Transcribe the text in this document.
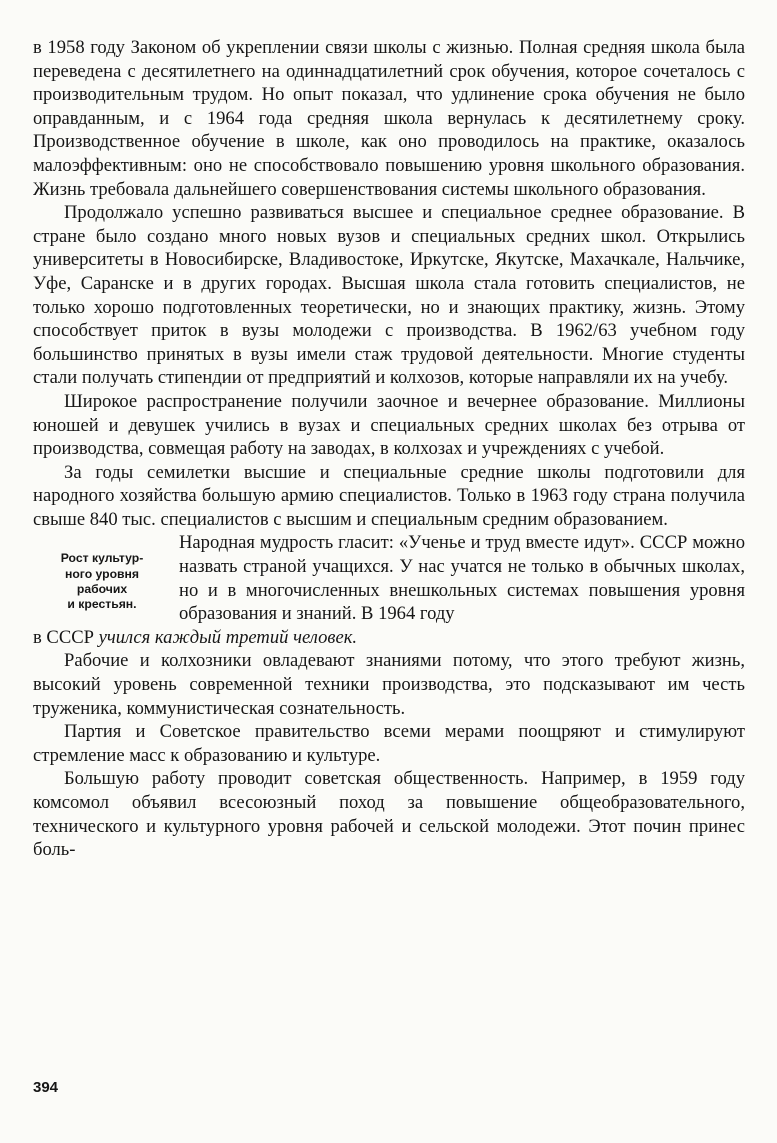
в 1958 году Законом об укреплении связи школы с жизнью. Полная средняя школа была переведена с десятилетнего на одиннадцатилетний срок обучения, которое сочеталось с производительным трудом. Но опыт показал, что удлинение срока обучения не было оправданным, и с 1964 года средняя школа вернулась к десятилетнему сроку. Производственное обучение в школе, как оно проводилось на практике, оказалось малоэффективным: оно не способствовало повышению уровня школьного образования. Жизнь требовала дальнейшего совершенствования системы школьного образования.

Продолжало успешно развиваться высшее и специальное среднее образование. В стране было создано много новых вузов и специальных средних школ. Открылись университеты в Новосибирске, Владивостоке, Иркутске, Якутске, Махачкале, Нальчике, Уфе, Саранске и в других городах. Высшая школа стала готовить специалистов, не только хорошо подготовленных теоретически, но и знающих практику, жизнь. Этому способствует приток в вузы молодежи с производства. В 1962/63 учебном году большинство принятых в вузы имели стаж трудовой деятельности. Многие студенты стали получать стипендии от предприятий и колхозов, которые направляли их на учебу.

Широкое распространение получили заочное и вечернее образование. Миллионы юношей и девушек учились в вузах и специальных средних школах без отрыва от производства, совмещая работу на заводах, в колхозах и учреждениях с учебой.

За годы семилетки высшие и специальные средние школы подготовили для народного хозяйства большую армию специалистов. Только в 1963 году страна получила свыше 840 тыс. специалистов с высшим и специальным средним образованием.

Рост культур-
ного уровня
рабочих
и крестьян.
Народная мудрость гласит: «Ученье и труд вместе идут». СССР можно назвать страной учащихся. У нас учатся не только в обычных школах, но и в многочисленных внешкольных системах повышения уровня образования и знаний. В 1964 году

в СССР учился каждый третий человек.

Рабочие и колхозники овладевают знаниями потому, что этого требуют жизнь, высокий уровень современной техники производства, это подсказывают им честь труженика, коммунистическая сознательность.

Партия и Советское правительство всеми мерами поощряют и стимулируют стремление масс к образованию и культуре.

Большую работу проводит советская общественность. Например, в 1959 году комсомол объявил всесоюзный поход за повышение общеобразовательного, технического и культурного уровня рабочей и сельской молодежи. Этот почин принес боль-

394
